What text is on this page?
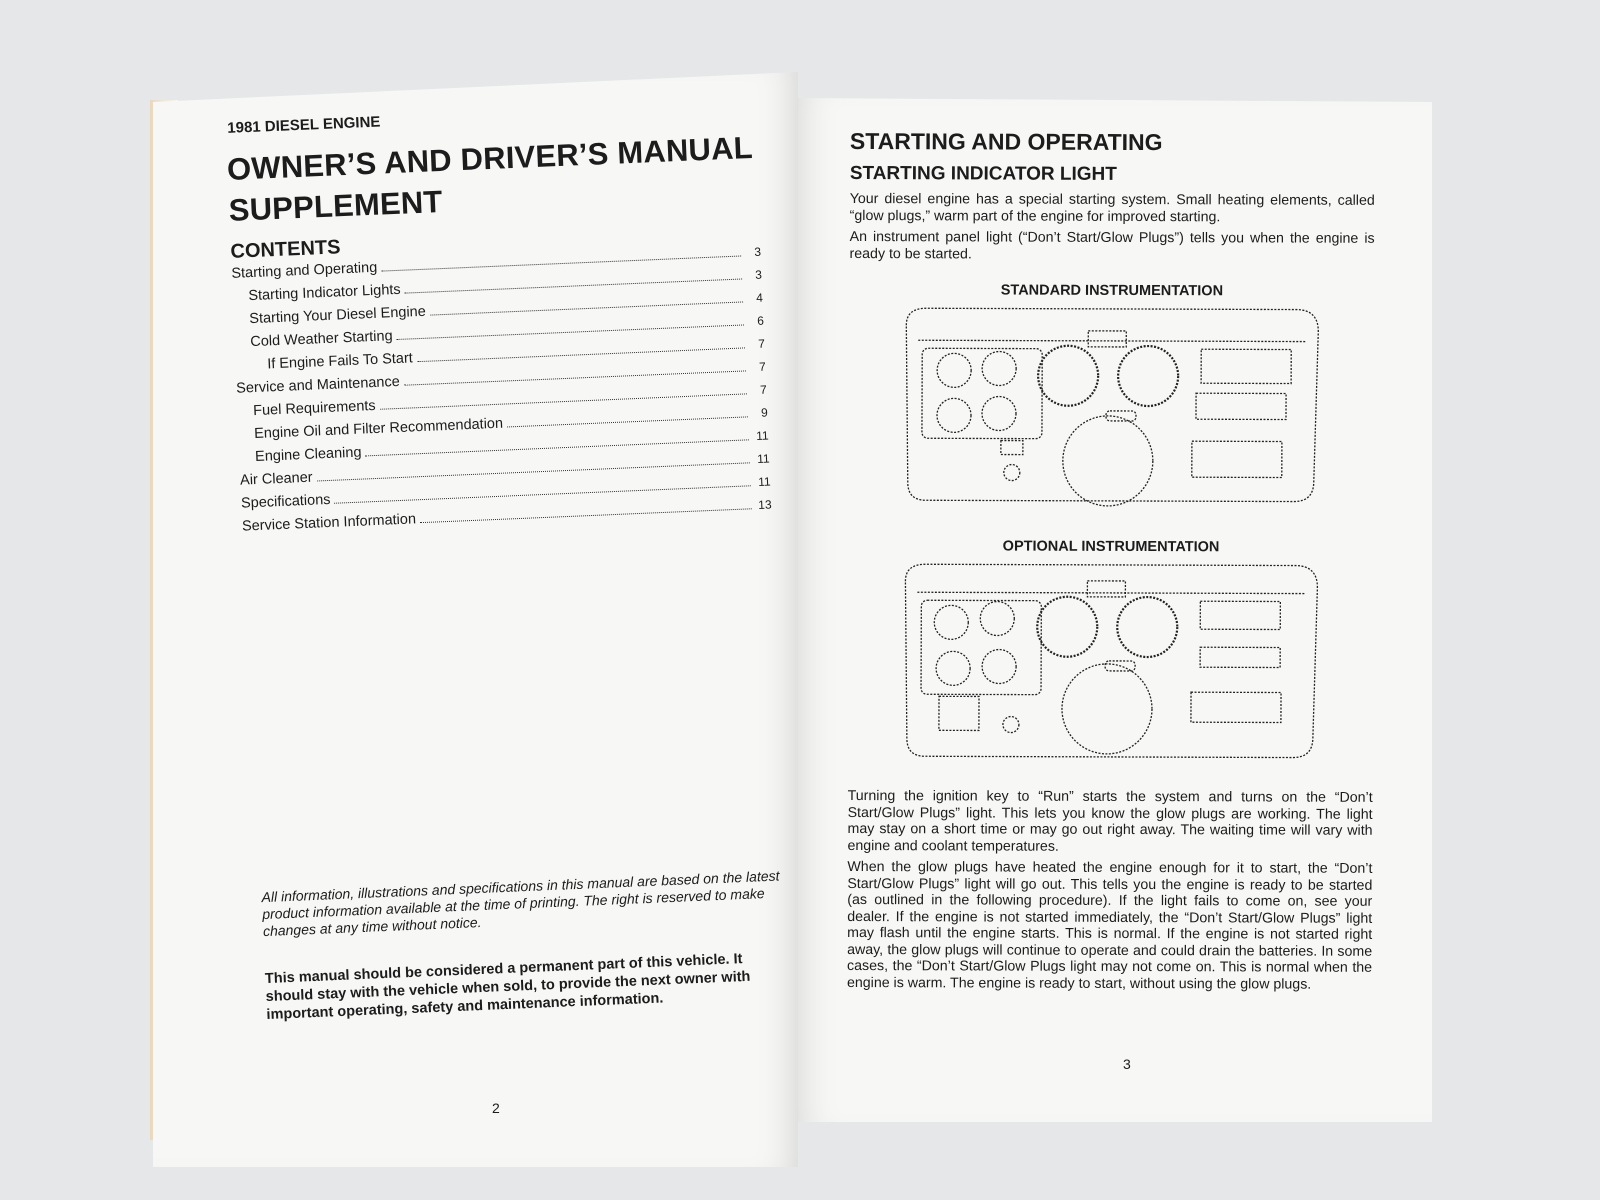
1981 DIESEL ENGINE
OWNER’S AND DRIVER’S MANUAL
SUPPLEMENT
CONTENTS
Starting and Operating
3
Starting Indicator Lights
3
Starting Your Diesel Engine
4
Cold Weather Starting
6
If Engine Fails To Start
7
Service and Maintenance
7
Fuel Requirements
7
Engine Oil and Filter Recommendation
9
Engine Cleaning
11
Air Cleaner
11
Specifications
11
Service Station Information
13
All information, illustrations and specifications in this manual are based on the latest product information available at the time of printing. The right is reserved to make changes at any time without notice.
This manual should be considered a permanent part of this vehicle. It should stay with the vehicle when sold, to provide the next owner with important operating, safety and maintenance information.
2
STARTING AND OPERATING
STARTING INDICATOR LIGHT

Your diesel engine has a special starting system. Small heating elements, called “glow plugs,” warm part of the engine for improved starting.

An instrument panel light (“Don’t Start/Glow Plugs”) tells you when the engine is ready to be started.

STANDARD INSTRUMENTATION
OPTIONAL INSTRUMENTATION

Turning the ignition key to “Run” starts the system and turns on the “Don’t Start/Glow Plugs” light. This lets you know the glow plugs are working. The light may stay on a short time or may go out right away. The waiting time will vary with engine and coolant temperatures.

When the glow plugs have heated the engine enough for it to start, the “Don’t Start/Glow Plugs” light will go out. This tells you the engine is ready to be started (as outlined in the following procedure). If the light fails to come on, see your dealer. If the engine is not started immediately, the “Don’t Start/Glow Plugs” light may flash until the engine starts. This is normal. If the engine is not started right away, the glow plugs will continue to operate and could drain the batteries. In some cases, the “Don’t Start/Glow Plugs light may not come on. This is normal when the engine is warm. The engine is ready to start, without using the glow plugs.

3
